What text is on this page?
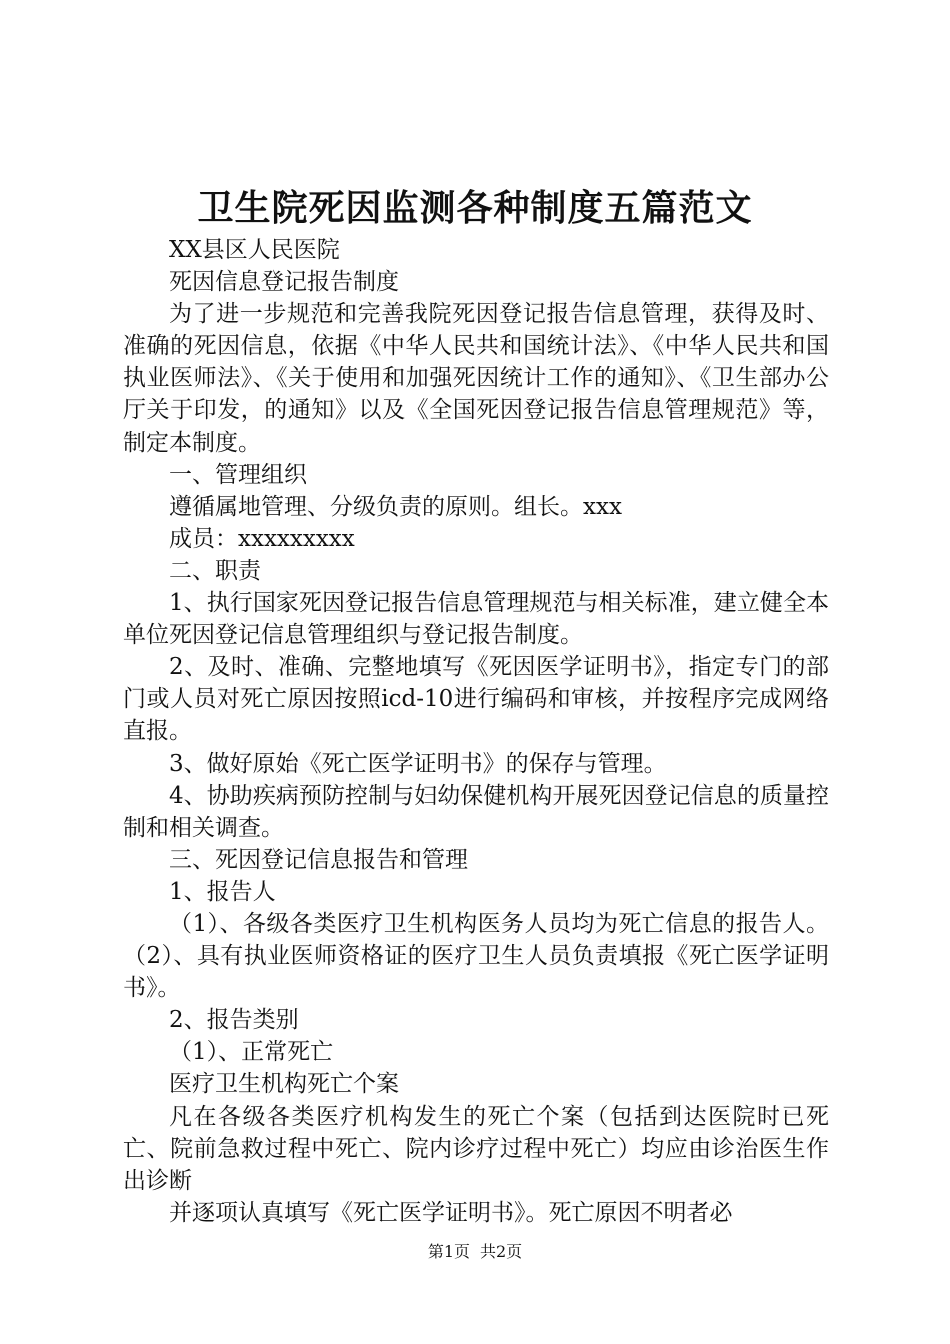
卫生院死因监测各种制度五篇范文

XX县区人民医院

死因信息登记报告制度

为了进一步规范和完善我院死因登记报告信息管理，获得及时、准确的死因信息，依据《中华人民共和国统计法》、《中华人民共和国执业医师法》、《关于使用和加强死因统计工作的通知》、《卫生部办公厅关于印发，的通知》以及《全国死因登记报告信息管理规范》等，制定本制度。

一、管理组织

遵循属地管理、分级负责的原则。组长。xxx

成员：xxxxxxxxx

二、职责

1、执行国家死因登记报告信息管理规范与相关标准，建立健全本单位死因登记信息管理组织与登记报告制度。

2、及时、准确、完整地填写《死因医学证明书》，指定专门的部门或人员对死亡原因按照icd-10进行编码和审核，并按程序完成网络直报。

3、做好原始《死亡医学证明书》的保存与管理。

4、协助疾病预防控制与妇幼保健机构开展死因登记信息的质量控制和相关调查。

三、死因登记信息报告和管理

1、报告人

（1）、各级各类医疗卫生机构医务人员均为死亡信息的报告人。（2）、具有执业医师资格证的医疗卫生人员负责填报《死亡医学证明书》。

2、报告类别

（1）、正常死亡

医疗卫生机构死亡个案

凡在各级各类医疗机构发生的死亡个案（包括到达医院时已死亡、院前急救过程中死亡、院内诊疗过程中死亡）均应由诊治医生作出诊断

并逐项认真填写《死亡医学证明书》。死亡原因不明者必

第1页 共2页
